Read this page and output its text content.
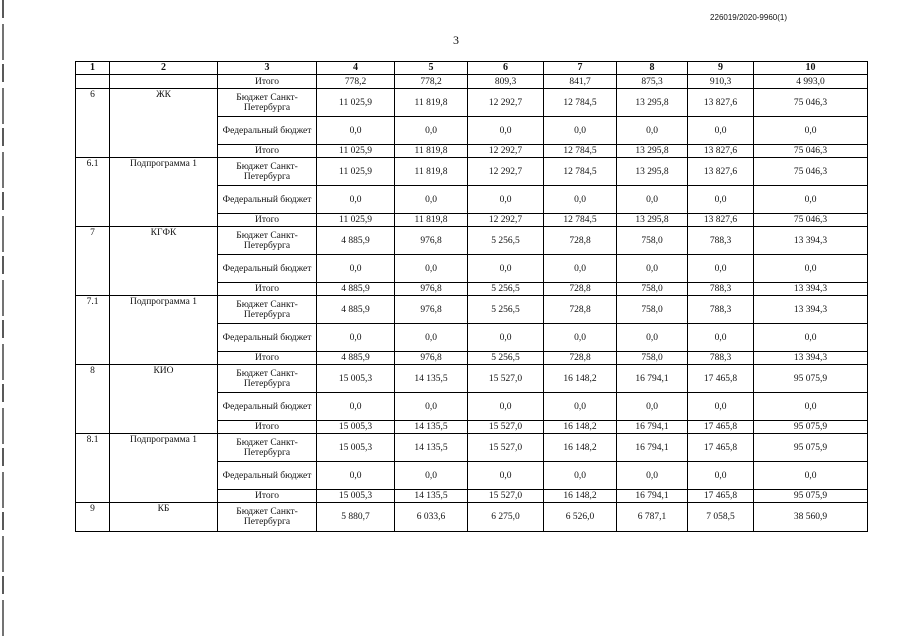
226019/2020-9960(1)
3
1	2	3	4	5	6	7	8	9	10
		Итого	778,2	778,2	809,3	841,7	875,3	910,3	4 993,0
6	ЖК	Бюджет Санкт-Петербурга	11 025,9	11 819,8	12 292,7	12 784,5	13 295,8	13 827,6	75 046,3
		Федеральный бюджет	0,0	0,0	0,0	0,0	0,0	0,0	0,0
		Итого	11 025,9	11 819,8	12 292,7	12 784,5	13 295,8	13 827,6	75 046,3
6.1	Подпрограмма 1	Бюджет Санкт-Петербурга	11 025,9	11 819,8	12 292,7	12 784,5	13 295,8	13 827,6	75 046,3
		Федеральный бюджет	0,0	0,0	0,0	0,0	0,0	0,0	0,0
		Итого	11 025,9	11 819,8	12 292,7	12 784,5	13 295,8	13 827,6	75 046,3
7	КГФК	Бюджет Санкт-Петербурга	4 885,9	976,8	5 256,5	728,8	758,0	788,3	13 394,3
		Федеральный бюджет	0,0	0,0	0,0	0,0	0,0	0,0	0,0
		Итого	4 885,9	976,8	5 256,5	728,8	758,0	788,3	13 394,3
7.1	Подпрограмма 1	Бюджет Санкт-Петербурга	4 885,9	976,8	5 256,5	728,8	758,0	788,3	13 394,3
		Федеральный бюджет	0,0	0,0	0,0	0,0	0,0	0,0	0,0
		Итого	4 885,9	976,8	5 256,5	728,8	758,0	788,3	13 394,3
8	КИО	Бюджет Санкт-Петербурга	15 005,3	14 135,5	15 527,0	16 148,2	16 794,1	17 465,8	95 075,9
		Федеральный бюджет	0,0	0,0	0,0	0,0	0,0	0,0	0,0
		Итого	15 005,3	14 135,5	15 527,0	16 148,2	16 794,1	17 465,8	95 075,9
8.1	Подпрограмма 1	Бюджет Санкт-Петербурга	15 005,3	14 135,5	15 527,0	16 148,2	16 794,1	17 465,8	95 075,9
		Федеральный бюджет	0,0	0,0	0,0	0,0	0,0	0,0	0,0
		Итого	15 005,3	14 135,5	15 527,0	16 148,2	16 794,1	17 465,8	95 075,9
9	КБ	Бюджет Санкт-Петербурга	5 880,7	6 033,6	6 275,0	6 526,0	6 787,1	7 058,5	38 560,9
